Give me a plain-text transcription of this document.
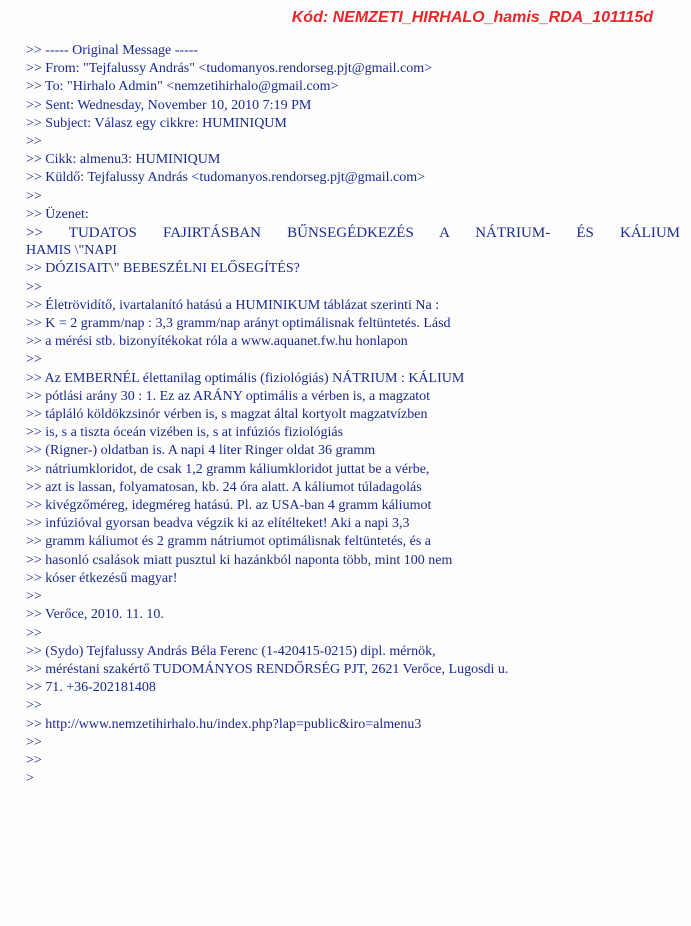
Kód: NEMZETI_HIRHALO_hamis_RDA_101115d
>> ----- Original Message -----
>> From: "Tejfalussy András" <tudomanyos.rendorseg.pjt@gmail.com>
>> To: "Hirhalo Admin" <nemzetihirhalo@gmail.com>
>> Sent: Wednesday, November 10, 2010 7:19 PM
>> Subject: Válasz egy cikkre: HUMINIQUM
>>
>> Cikk: almenu3: HUMINIQUM
>> Küldő: Tejfalussy András <tudomanyos.rendorseg.pjt@gmail.com>
>>
>> Üzenet:
>> TUDATOS FAJIRTÁSBAN BŰNSEGÉDKEZÉS A NÁTRIUM- ÉS KÁLIUM
HAMIS \"NAPI
>> DÓZISAIT\" BEBESZÉLNI ELŐSEGÍTÉS?
>>
>> Életrövidítő, ivartalanító hatású a HUMINIKUM táblázat szerinti Na :
>> K = 2 gramm/nap : 3,3 gramm/nap arányt optimálisnak feltüntetés. Lásd
>> a mérési stb. bizonyítékokat róla a www.aquanet.fw.hu honlapon
>>
>> Az EMBERNÉL élettanilag optimális (fiziológiás) NÁTRIUM : KÁLIUM
>> pótlási arány 30 : 1. Ez az ARÁNY optimális a vérben is, a magzatot
>> tápláló köldökzsinór vérben is, s magzat által kortyolt magzatvízben
>> is, s a tiszta óceán vizében is, s at infúziós fiziológiás
>> (Rigner-) oldatban is. A napi 4 liter Ringer oldat 36 gramm
>> nátriumkloridot, de csak 1,2 gramm káliumkloridot juttat be a vérbe,
>> azt is lassan, folyamatosan, kb. 24 óra alatt. A káliumot túladagolás
>> kivégzőméreg, idegméreg hatású. Pl. az USA-ban 4 gramm káliumot
>> infúzióval gyorsan beadva végzik ki az elítélteket! Aki a napi 3,3
>> gramm káliumot és 2 gramm nátriumot optimálisnak feltüntetés, és a
>> hasonló csalások miatt pusztul ki hazánkból naponta több, mint 100 nem
>> kóser étkezésű magyar!
>>
>> Verőce, 2010. 11. 10.
>>
>> (Sydo) Tejfalussy András Béla Ferenc (1-420415-0215) dipl. mérnök,
>> méréstani szakértő TUDOMÁNYOS RENDŐRSÉG PJT, 2621 Verőce, Lugosdi u.
>> 71. +36-202181408
>>
>> http://www.nemzetihirhalo.hu/index.php?lap=public&iro=almenu3
>>
>>
>
